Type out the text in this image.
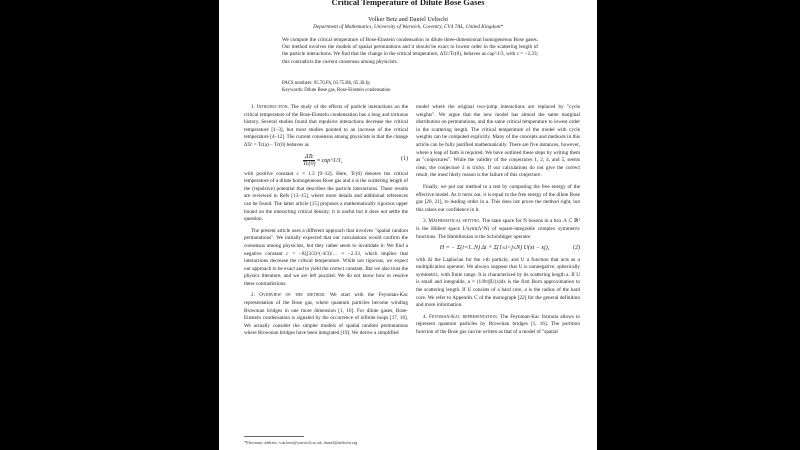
Critical Temperature of Dilute Bose Gases
Volker Betz and Daniel Ueltschi
Department of Mathematics, University of Warwick, Coventry, CV4 7AL, United Kingdom*
We compute the critical temperature of Bose-Einstein condensation in dilute three-dimensional homogeneous Bose gases. Our method involves the models of spatial permutations and it should be exact to lowest order in the scattering length of the particle interactions. We find that the change in the critical temperature, ΔTc/Tc(0), behaves as caρ^1/3, with c = −2.33; this contradicts the current consensus among physicists.
PACS numbers: 05.70.Fh, 03.75.Hh, 05.30.Jp
Keywords: Dilute Bose gas, Bose-Einstein condensation

1. Introduction. The study of the effects of particle interactions on the critical temperature of the Bose-Einstein condensation has a long and tortuous history. Several studies found that repulsive interactions decrease the critical temperature [1–3], but most studies pointed to an increase of the critical temperature [4–12]. The current consensus among physicists is that the change ΔTc = Tc(a) − Tc(0) behaves as

$\frac{\text{ΔTc}}{Tc(0)}$ ≈ caρ^1/3,	(1)

with positive constant c ≈ 1.3 [9–12]. Here, Tc(0) denotes the critical temperature of a dilute homogeneous Bose gas and a is the scattering length of the (repulsive) potential that describes the particle interactions. These results are reviewed in Refs [13–15], where more details and additional references can be found. The latter article [15] proposes a mathematically rigorous upper bound on the interacting critical density; it is useful but it does not settle the question.

The present article uses a different approach that involves "spatial random permutations". We initially expected that our calculations would confirm the consensus among physicists, but they rather seem to invalidate it: We find a negative constant c = −8ζ(3/2)^(-4/3)/… ≈ −2.33, which implies that interactions decrease the critical temperature. While not rigorous, we expect our approach to be exact and to yield the correct constant. But we also trust the physics literature, and we are left puzzled. We do not know how to resolve these contradictions.

2. Overview of the method. We start with the Feynman-Kac representation of the Bose gas, where quantum particles become winding Brownian bridges in one more dimension [1, 16]. For dilute gases, Bose-Einstein condensation is signaled by the occurrence of infinite loops [17, 18]. We actually consider the simpler models of spatial random permutations where Brownian bridges have been integrated [19]. We derive a simplified

model where the original two-jump interactions are replaced by "cycle weights". We argue that the new model has almost the same marginal distribution on permutations, and the same critical temperature to lowest order in the scattering length. The critical temperature of the model with cycle weights can be computed explicitly. Many of the concepts and methods in this article can be fully justified mathematically. There are five instances, however, where a leap of faith is required. We have outlined these steps by writing them as "conjectures". While the validity of the conjectures 1, 2, 4, and 5, seems clear, the conjecture 3 is tricky. If our calculations do not give the correct result, the most likely reason is the failure of this conjecture.

Finally, we put our method to a test by computing the free energy of the effective model. As it turns out, it is equal to the free energy of the dilute Bose gas [20, 21], to leading order in a. This does not prove the method right, but this raises our confidence in it.

3. Mathematical setting. The state space for N bosons in a box Λ ⊂ ℝ³ is the Hilbert space L²sym(Λ^N) of square-integrable complex symmetric functions. The Hamiltonian is the Schrödinger operator

H = − Σ(i=1..N) Δi + Σ(1≤i<j≤N) U(xi − xj),	(2)

with Δi the Laplacian for the i-th particle, and U a function that acts as a multiplication operator. We always suppose that U is nonnegative, spherically symmetric, with finite range. It is characterized by its scattering length a. If U is small and integrable, a ≈ (1/8π)∫U(x)dx is the first Born approximation to the scattering length. If U consists of a hard core, a is the radius of the hard core. We refer to Appendix C of the monograph [22] for the general definition and more information.

4. Feynman-Kac representation. The Feynman-Kac formula allows to represent quantum particles by Brownian bridges [1, 16]. The partition function of the Bose gas can be written as that of a model of "spatial

*Electronic address: v.m.betz@warwick.ac.uk, daniel@ueltschi.org
